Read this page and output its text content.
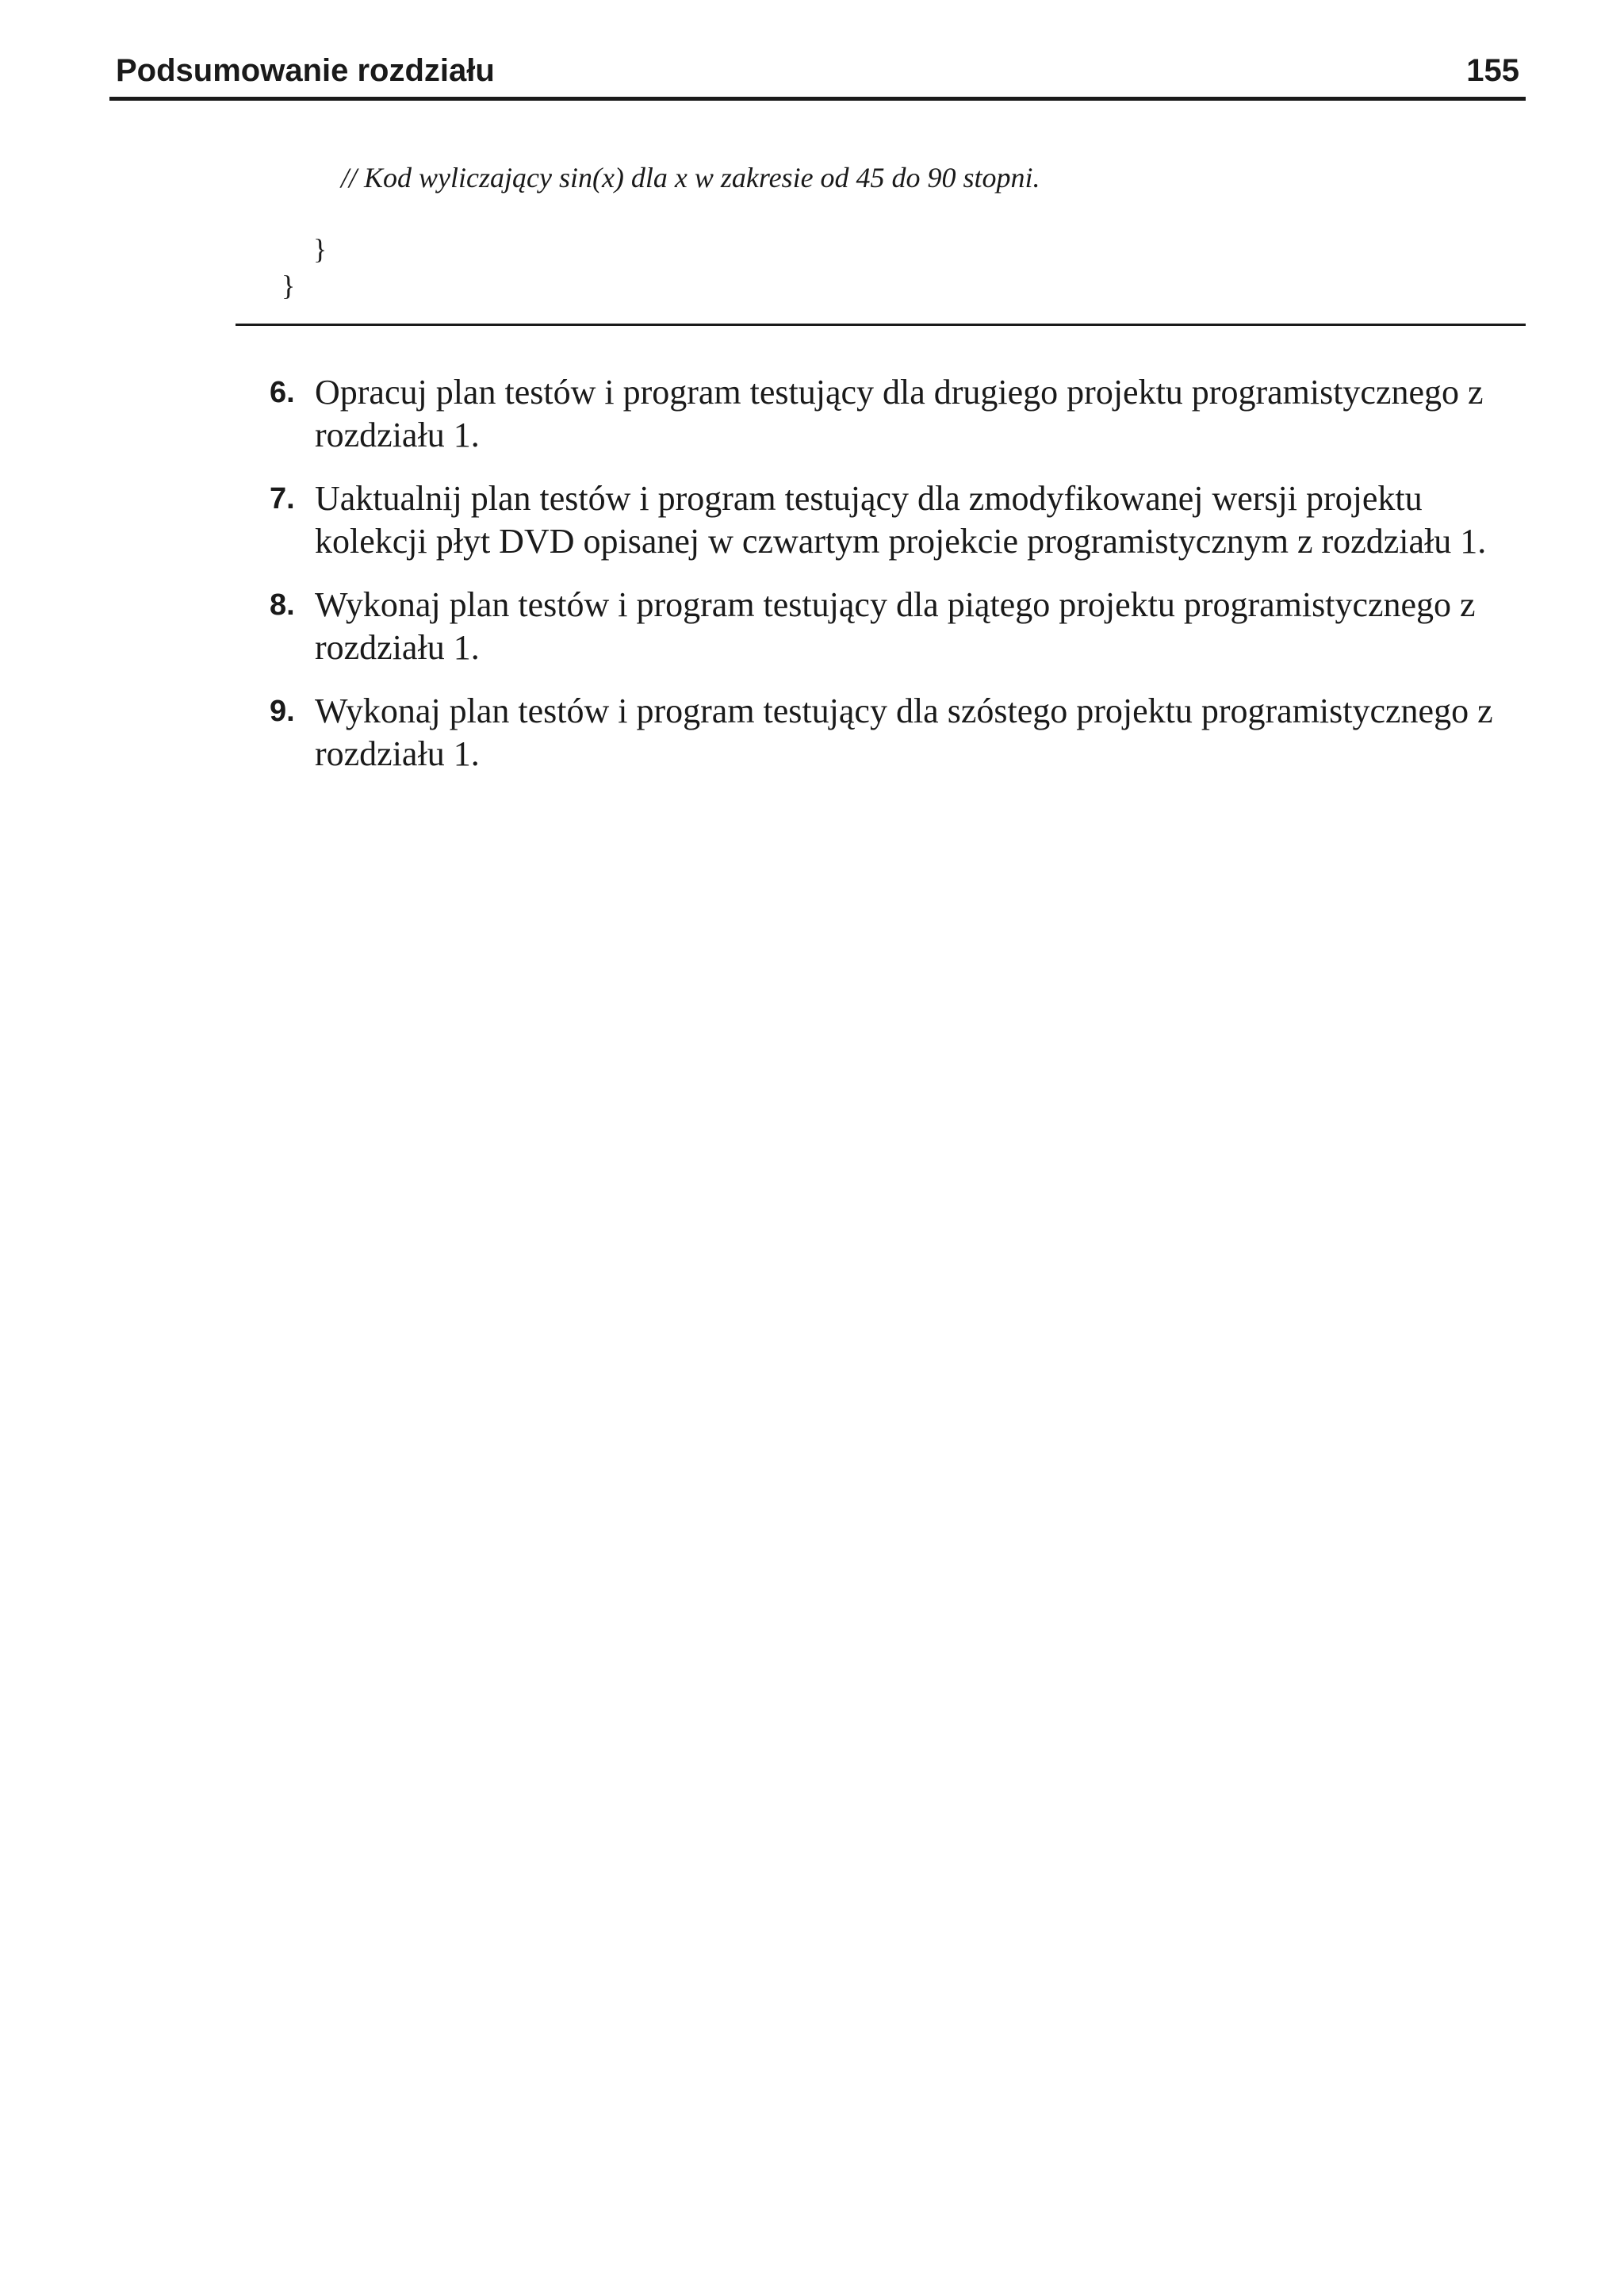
Podsumowanie rozdziału	155
// Kod wyliczający sin(x) dla x w zakresie od 45 do 90 stopni.
}
}
6. Opracuj plan testów i program testujący dla drugiego projektu programistycznego z rozdziału 1.
7. Uaktualnij plan testów i program testujący dla zmodyfikowanej wersji projektu kolekcji płyt DVD opisanej w czwartym projekcie programistycznym z rozdziału 1.
8. Wykonaj plan testów i program testujący dla piątego projektu programistycznego z rozdziału 1.
9. Wykonaj plan testów i program testujący dla szóstego projektu programistycznego z rozdziału 1.
